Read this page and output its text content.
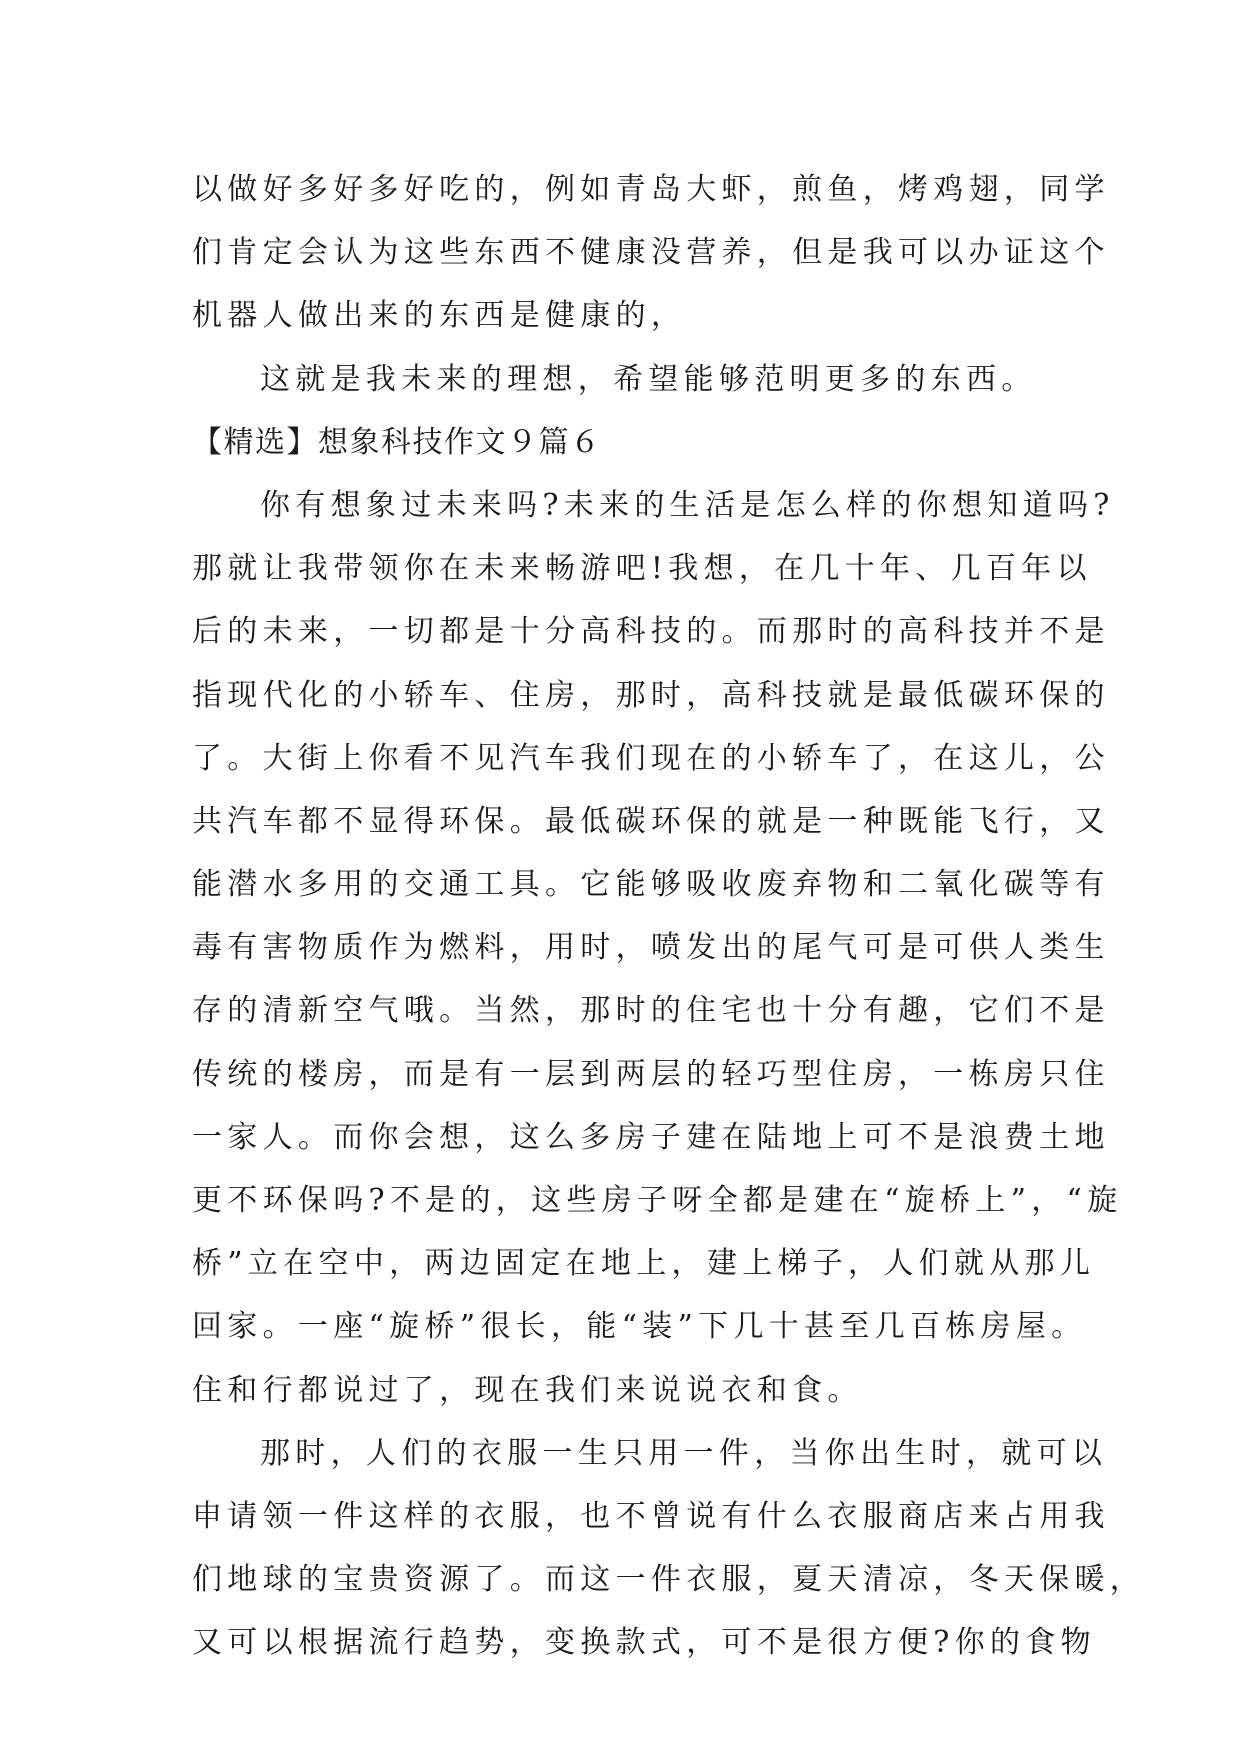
以做好多好多好吃的，例如青岛大虾，煎鱼，烤鸡翅，同学
们肯定会认为这些东西不健康没营养，但是我可以办证这个
机器人做出来的东西是健康的，
这就是我未来的理想，希望能够范明更多的东西。
【精选】想象科技作文９篇６
你有想象过未来吗?未来的生活是怎么样的你想知道吗?
那就让我带领你在未来畅游吧!我想，在几十年、几百年以
后的未来，一切都是十分高科技的。而那时的高科技并不是
指现代化的小轿车、住房，那时，高科技就是最低碳环保的
了。大街上你看不见汽车我们现在的小轿车了，在这儿，公
共汽车都不显得环保。最低碳环保的就是一种既能飞行，又
能潜水多用的交通工具。它能够吸收废弃物和二氧化碳等有
毒有害物质作为燃料，用时，喷发出的尾气可是可供人类生
存的清新空气哦。当然，那时的住宅也十分有趣，它们不是
传统的楼房，而是有一层到两层的轻巧型住房，一栋房只住
一家人。而你会想，这么多房子建在陆地上可不是浪费土地
更不环保吗?不是的，这些房子呀全都是建在“旋桥上”，“旋
桥”立在空中，两边固定在地上，建上梯子，人们就从那儿
回家。一座“旋桥”很长，能“装”下几十甚至几百栋房屋。
住和行都说过了，现在我们来说说衣和食。
那时，人们的衣服一生只用一件，当你出生时，就可以
申请领一件这样的衣服，也不曾说有什么衣服商店来占用我
们地球的宝贵资源了。而这一件衣服，夏天清凉，冬天保暖，
又可以根据流行趋势，变换款式，可不是很方便?你的食物
